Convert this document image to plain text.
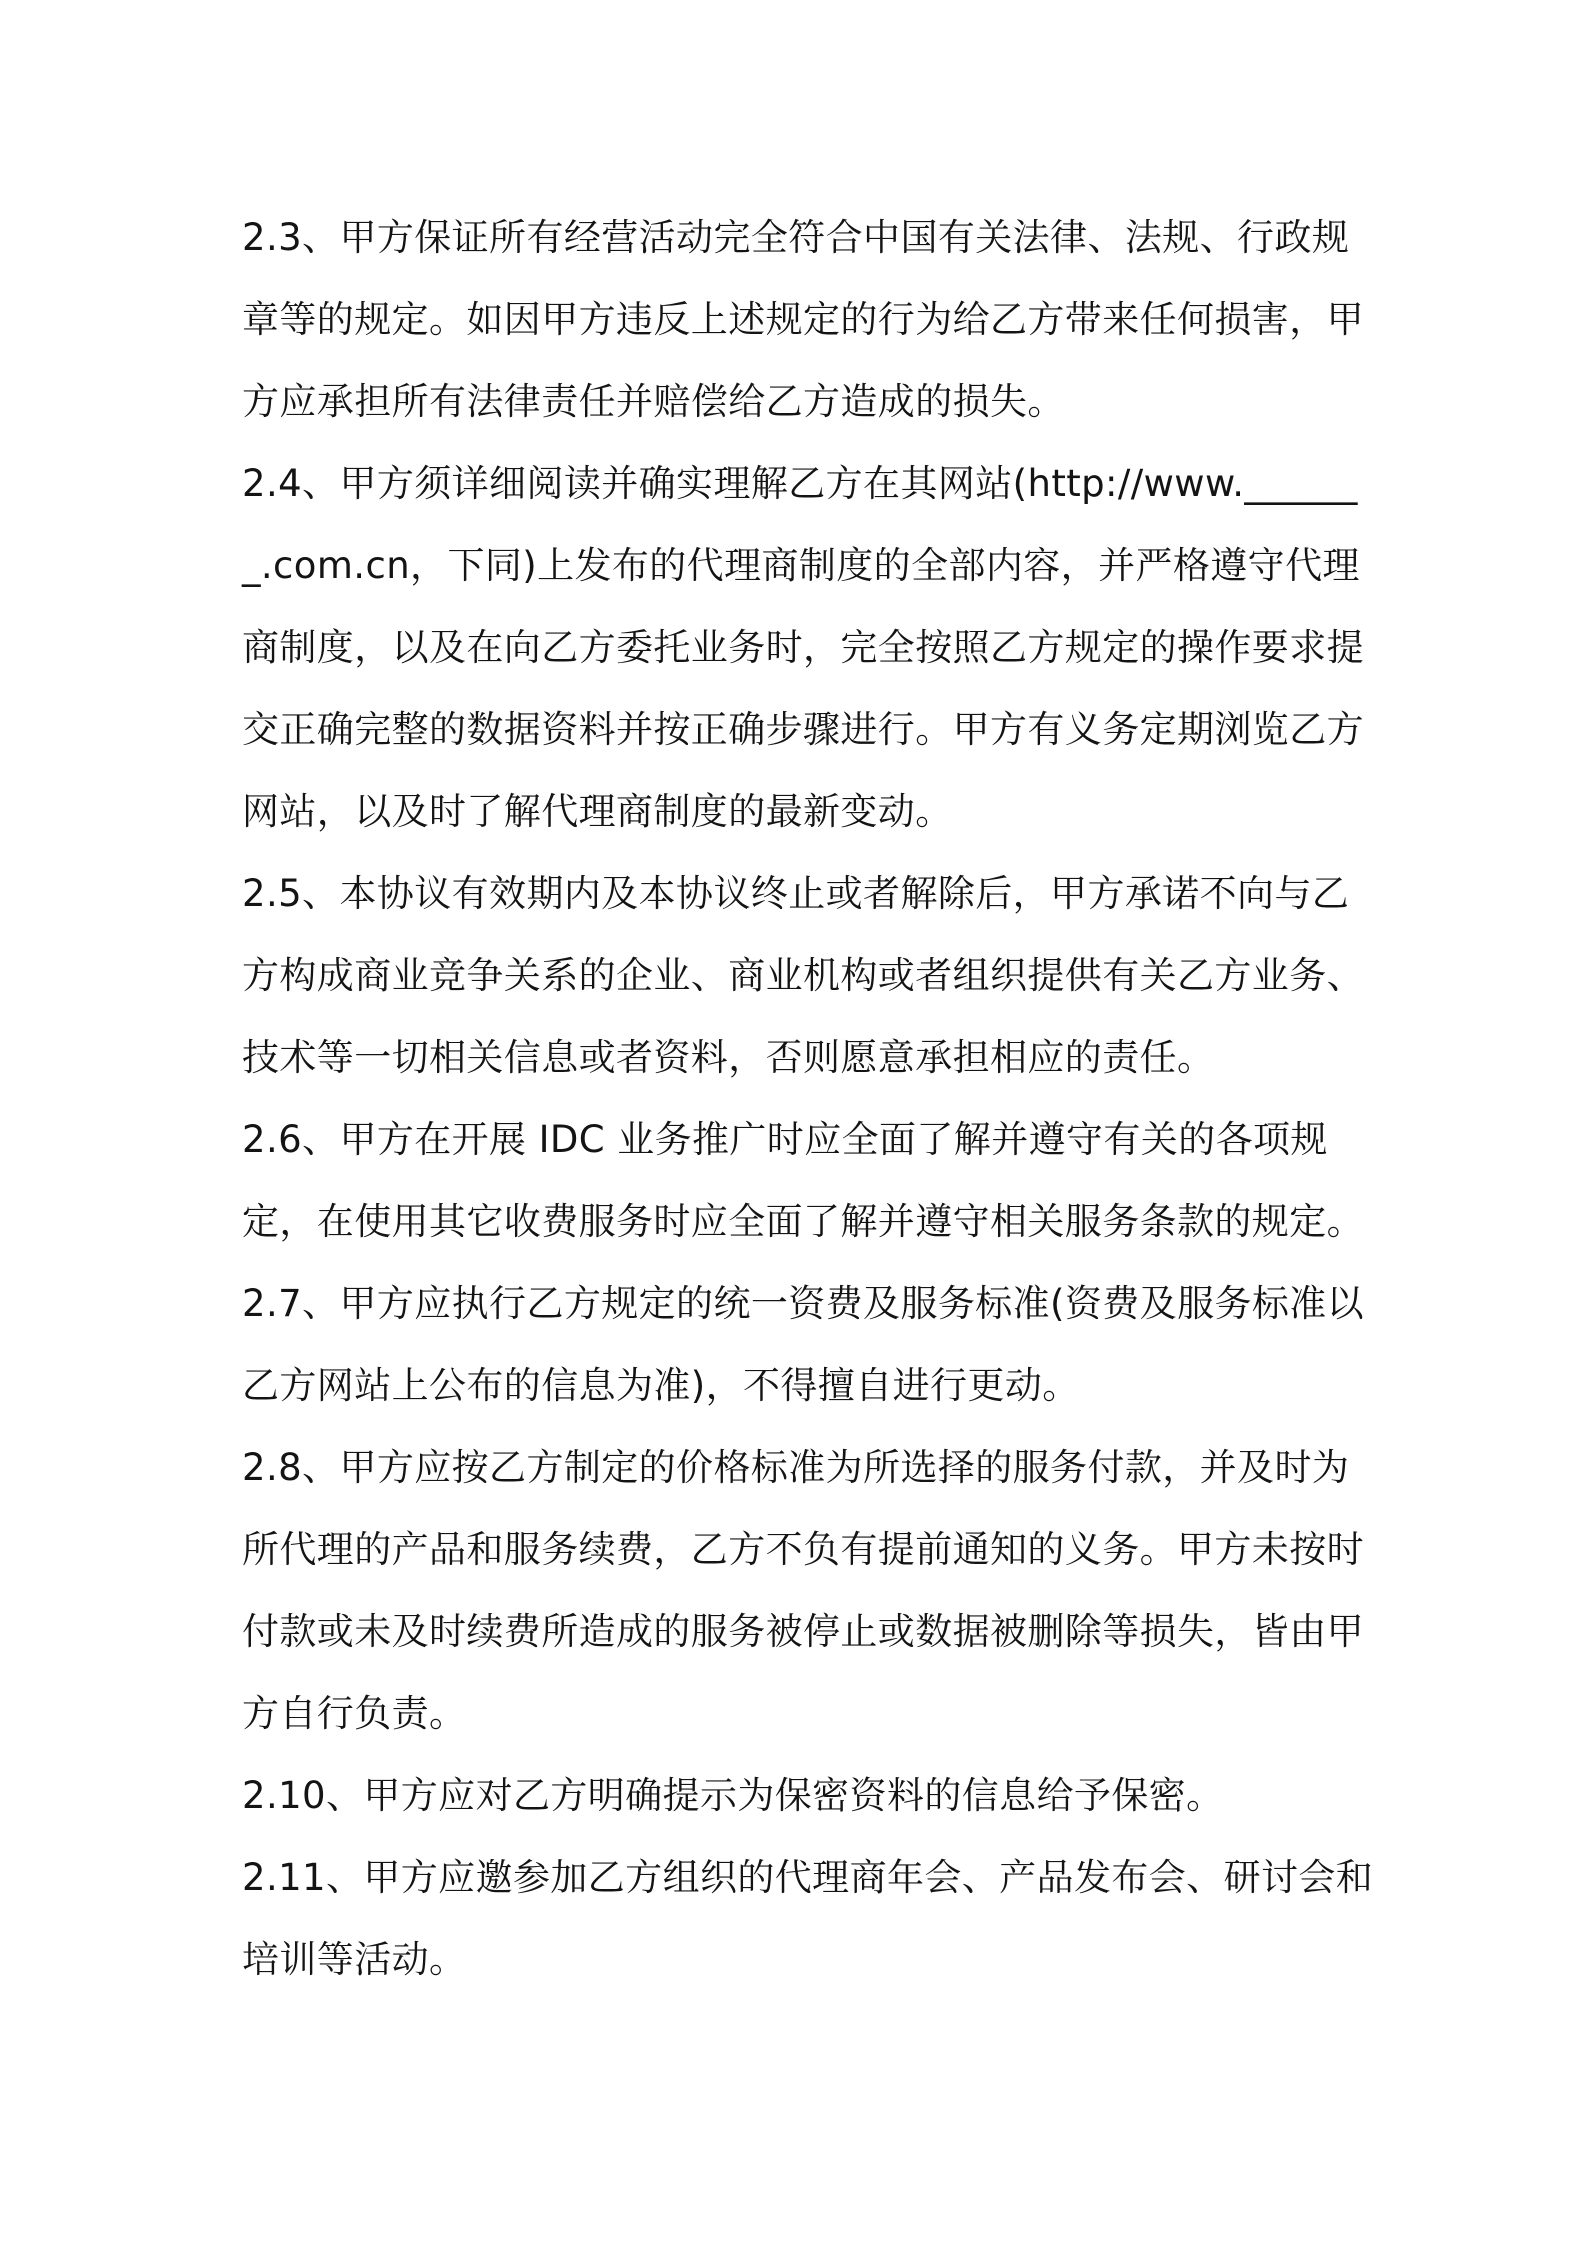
2.3、甲方保证所有经营活动完全符合中国有关法律、法规、行政规章等的规定。如因甲方违反上述规定的行为给乙方带来任何损害，甲方应承担所有法律责任并赔偿给乙方造成的损失。

2.4、甲方须详细阅读并确实理解乙方在其网站(http://www._______.com.cn，下同)上发布的代理商制度的全部内容，并严格遵守代理商制度，以及在向乙方委托业务时，完全按照乙方规定的操作要求提交正确完整的数据资料并按正确步骤进行。甲方有义务定期浏览乙方网站，以及时了解代理商制度的最新变动。

2.5、本协议有效期内及本协议终止或者解除后，甲方承诺不向与乙方构成商业竞争关系的企业、商业机构或者组织提供有关乙方业务、技术等一切相关信息或者资料，否则愿意承担相应的责任。

2.6、甲方在开展 IDC 业务推广时应全面了解并遵守有关的各项规定，在使用其它收费服务时应全面了解并遵守相关服务条款的规定。

2.7、甲方应执行乙方规定的统一资费及服务标准(资费及服务标准以乙方网站上公布的信息为准)，不得擅自进行更动。

2.8、甲方应按乙方制定的价格标准为所选择的服务付款，并及时为所代理的产品和服务续费，乙方不负有提前通知的义务。甲方未按时付款或未及时续费所造成的服务被停止或数据被删除等损失，皆由甲方自行负责。

2.10、甲方应对乙方明确提示为保密资料的信息给予保密。

2.11、甲方应邀参加乙方组织的代理商年会、产品发布会、研讨会和培训等活动。
